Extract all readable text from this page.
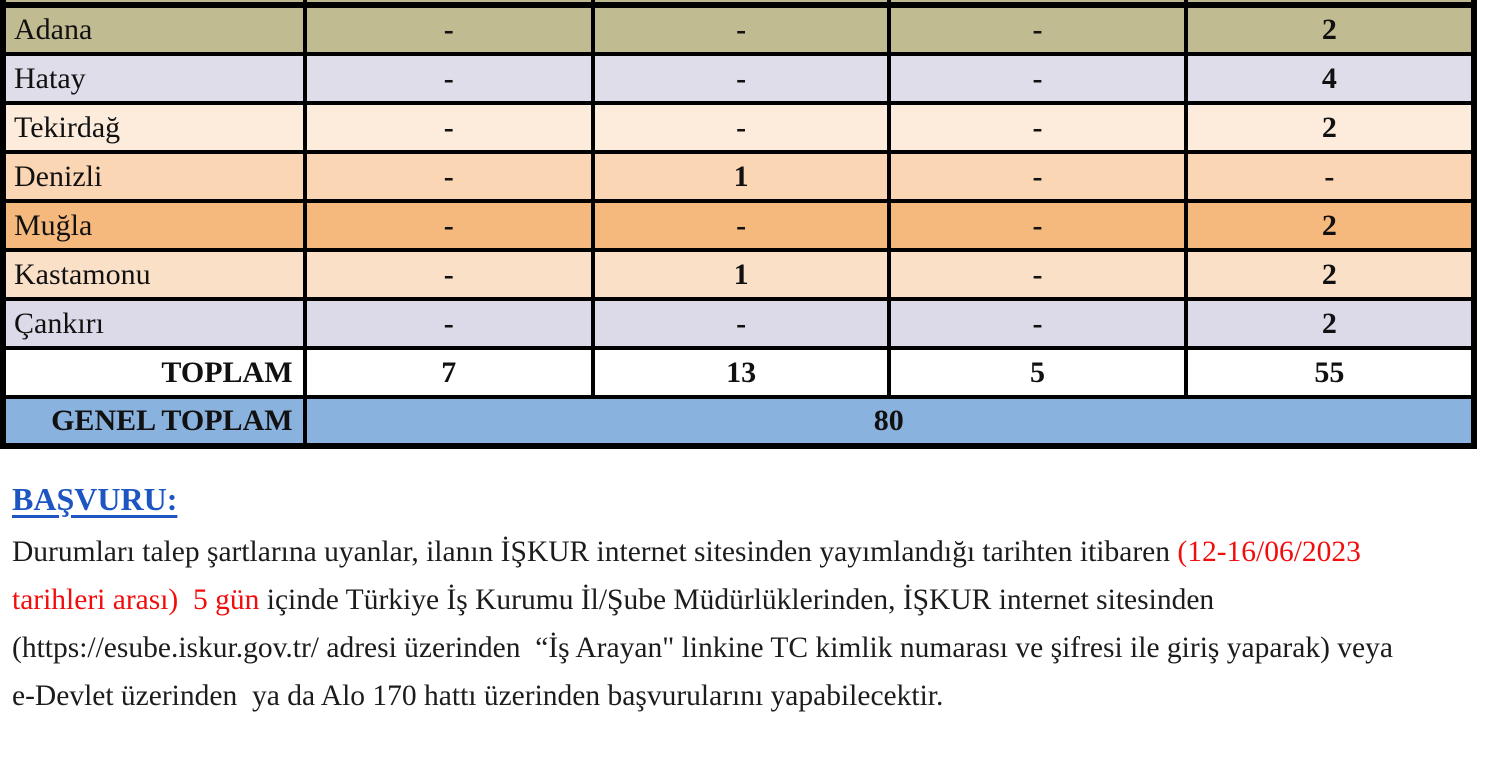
Adana	-	-	-	2
Hatay	-	-	-	4
Tekirdağ	-	-	-	2
Denizli	-	1	-	-
Muğla	-	-	-	2
Kastamonu	-	1	-	2
Çankırı	-	-	-	2
TOPLAM	7	13	5	55
GENEL TOPLAM	80			
BAŞVURU:
Durumları talep şartlarına uyanlar, ilanın İŞKUR internet sitesinden yayımlandığı tarihten itibaren (12-16/06/2023
tarihleri arası)  5 gün içinde Türkiye İş Kurumu İl/Şube Müdürlüklerinden, İŞKUR internet sitesinden
(https://esube.iskur.gov.tr/ adresi üzerinden  “İş Arayan" linkine TC kimlik numarası ve şifresi ile giriş yaparak) veya
e-Devlet üzerinden  ya da Alo 170 hattı üzerinden başvurularını yapabilecektir.
